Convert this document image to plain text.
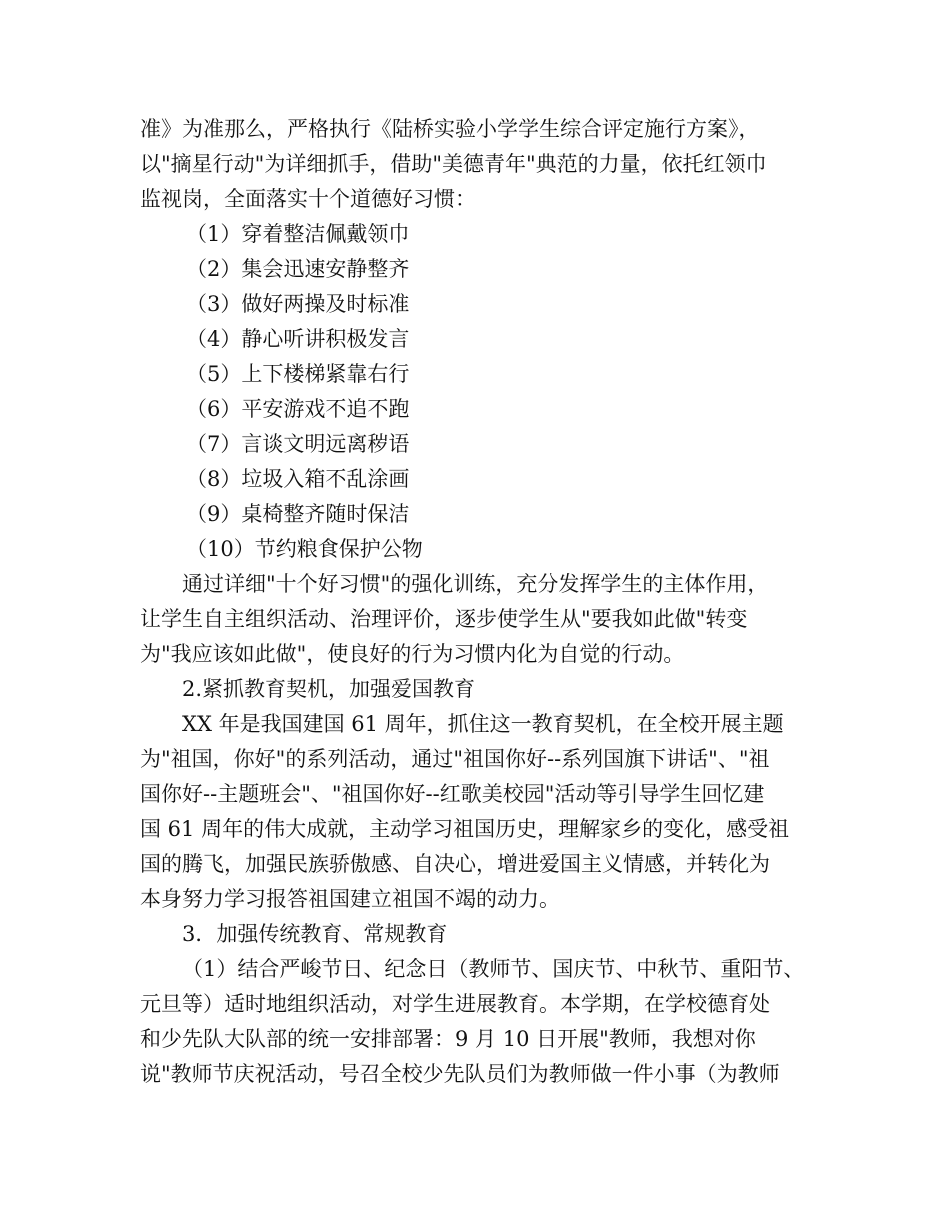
准》为准那么，严格执行《陆桥实验小学学生综合评定施行方案》，

以"摘星行动"为详细抓手，借助"美德青年"典范的力量，依托红领巾

监视岗，全面落实十个道德好习惯：

（1）穿着整洁佩戴领巾

（2）集会迅速安静整齐

（3）做好两操及时标准

（4）静心听讲积极发言

（5）上下楼梯紧靠右行

（6）平安游戏不追不跑

（7）言谈文明远离秽语

（8）垃圾入箱不乱涂画

（9）桌椅整齐随时保洁

（10）节约粮食保护公物

通过详细"十个好习惯"的强化训练，充分发挥学生的主体作用，

让学生自主组织活动、治理评价，逐步使学生从"要我如此做"转变

为"我应该如此做"，使良好的行为习惯内化为自觉的行动。

2.紧抓教育契机，加强爱国教育

XX 年是我国建国 61 周年，抓住这一教育契机，在全校开展主题

为"祖国，你好"的系列活动，通过"祖国你好--系列国旗下讲话"、"祖

国你好--主题班会"、"祖国你好--红歌美校园"活动等引导学生回忆建

国 61 周年的伟大成就，主动学习祖国历史，理解家乡的变化，感受祖

国的腾飞，加强民族骄傲感、自决心，增进爱国主义情感，并转化为

本身努力学习报答祖国建立祖国不竭的动力。

3．加强传统教育、常规教育

（1）结合严峻节日、纪念日（教师节、国庆节、中秋节、重阳节、

元旦等）适时地组织活动，对学生进展教育。本学期，在学校德育处

和少先队大队部的统一安排部署：9 月 10 日开展"教师，我想对你

说"教师节庆祝活动，号召全校少先队员们为教师做一件小事（为教师
